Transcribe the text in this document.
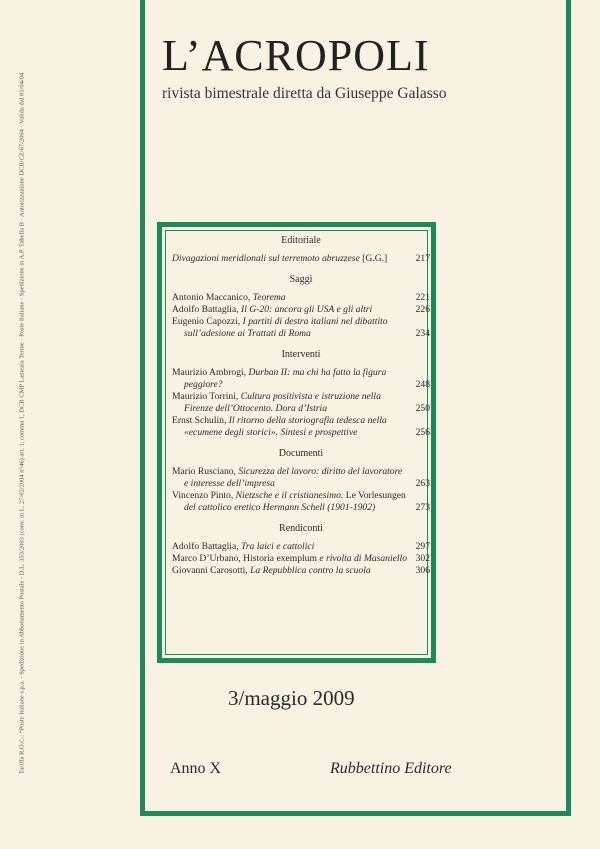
Tariffa R.O.C.: “Poste Italiane s.p.a. - Spedizione in Abbonamento Postale - D.L. 353/2003 (conv. in L. 27/02/2004 n°46) art. 1, comma 1, DCB CMP Lamezia Terme · Poste Italiane · Spedizione in A.P. Tabella B · Autorizzazione DCB/CZ/67/2004 · Valida dal 01/04/04
L’ACROPOLI
rivista bimestrale diretta da Giuseppe Galasso
Editoriale
Divagazioni meridionali sul terremoto abruzzese [G.G.]	217
Saggi
Antonio Maccanico, Teorema	221
Adolfo Battaglia, Il G-20: ancora gli USA e gli altri	226
Eugenio Capozzi, I partiti di destra italiani nel dibattito sull’adesione ai Trattati di Roma	234
Interventi
Maurizio Ambrogi, Durban II: ma chi ha fatto la figura peggiore?	248
Maurizio Torrini, Cultura positivista e istruzione nella Firenze dell’Ottocento. Dora d’Istria	250
Ernst Schulin, Il ritorno della storiografia tedesca nella «ecumene degli storici». Sintesi e prospettive	256
Documenti
Mario Rusciano, Sicurezza del lavoro: diritto del lavoratore e interesse dell’impresa	263
Vincenzo Pinto, Nietzsche e il cristianesimo. Le Vorlesungen del cattolico eretico Hermann Schell (1901-1902)	273
Rendiconti
Adolfo Battaglia, Tra laici e cattolici	297
Marco D’Urbano, Historia exemplum e rivolta di Masaniello 302
Giovanni Carosotti, La Repubblica contro la scuola	306
3/maggio 2009
Anno X	Rubbettino Editore
